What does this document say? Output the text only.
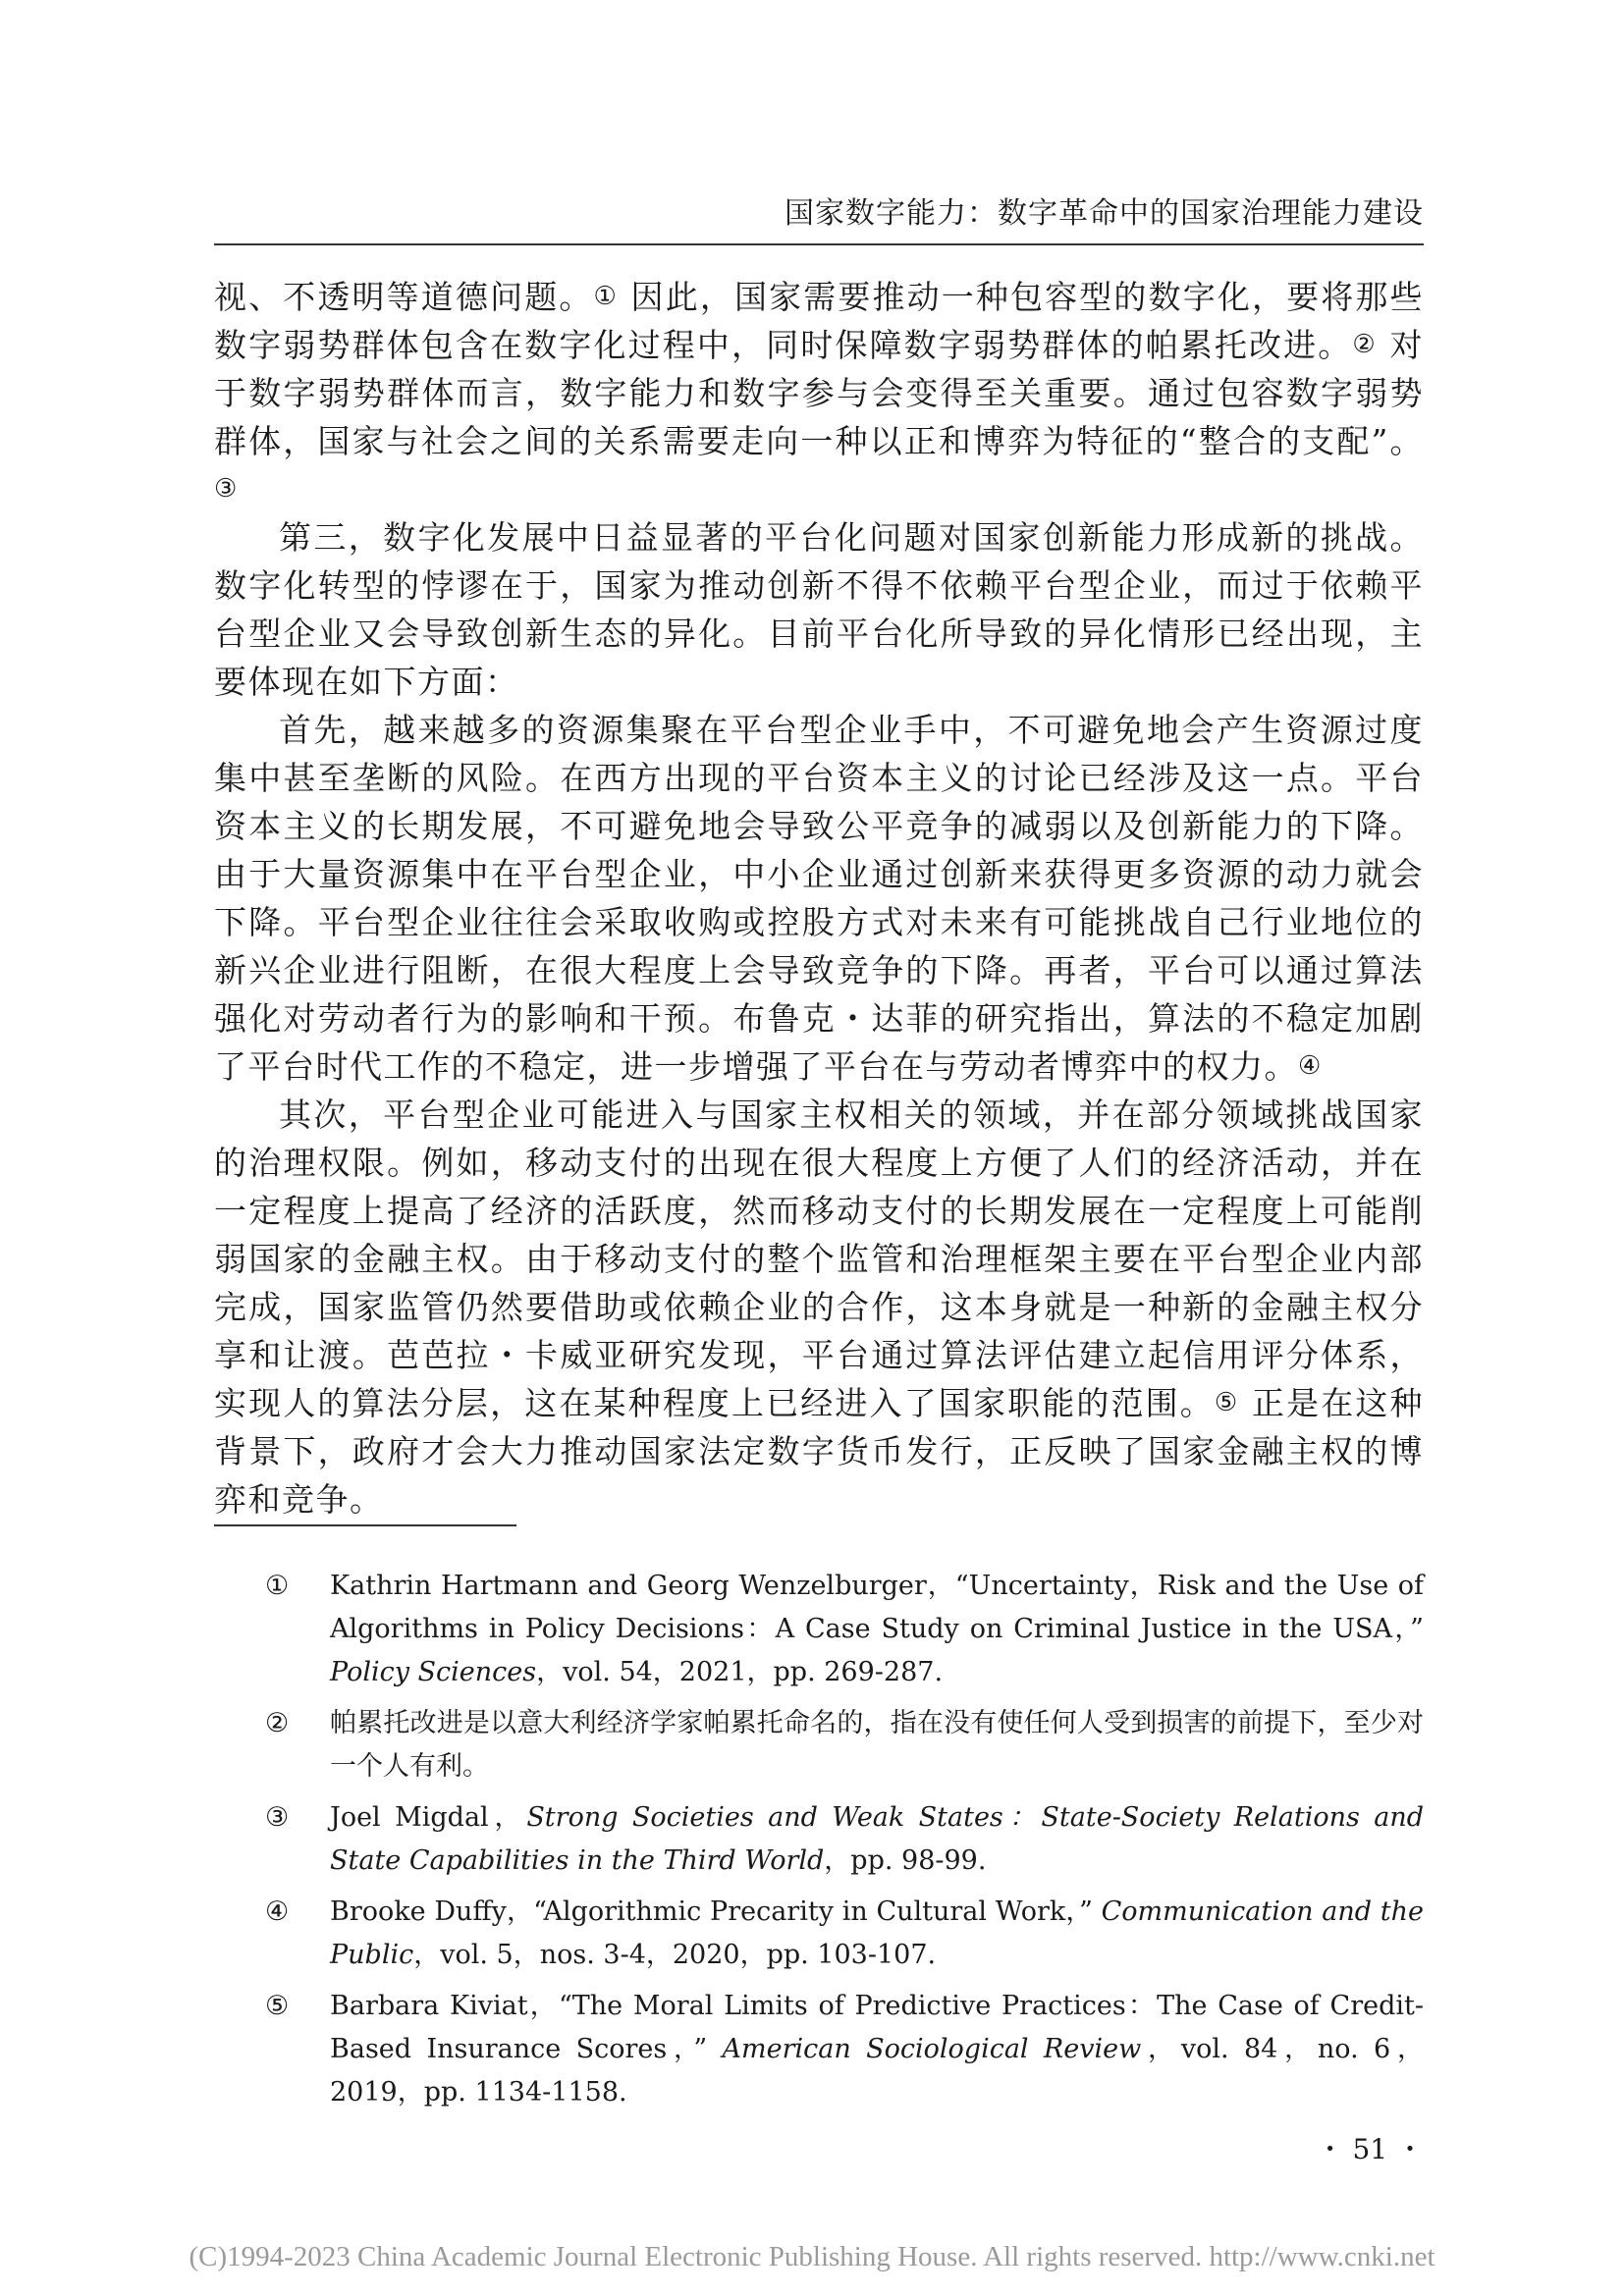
国家数字能力：数字革命中的国家治理能力建设

视、不透明等道德问题。① 因此，国家需要推动一种包容型的数字化，要将那些数字弱势群体包含在数字化过程中，同时保障数字弱势群体的帕累托改进。② 对于数字弱势群体而言，数字能力和数字参与会变得至关重要。通过包容数字弱势群体，国家与社会之间的关系需要走向一种以正和博弈为特征的“整合的支配”。③

第三，数字化发展中日益显著的平台化问题对国家创新能力形成新的挑战。数字化转型的悖谬在于，国家为推动创新不得不依赖平台型企业，而过于依赖平台型企业又会导致创新生态的异化。目前平台化所导致的异化情形已经出现，主要体现在如下方面：

首先，越来越多的资源集聚在平台型企业手中，不可避免地会产生资源过度集中甚至垄断的风险。在西方出现的平台资本主义的讨论已经涉及这一点。平台资本主义的长期发展，不可避免地会导致公平竞争的减弱以及创新能力的下降。由于大量资源集中在平台型企业，中小企业通过创新来获得更多资源的动力就会下降。平台型企业往往会采取收购或控股方式对未来有可能挑战自己行业地位的新兴企业进行阻断，在很大程度上会导致竞争的下降。再者，平台可以通过算法强化对劳动者行为的影响和干预。布鲁克・达菲的研究指出，算法的不稳定加剧了平台时代工作的不稳定，进一步增强了平台在与劳动者博弈中的权力。④

其次，平台型企业可能进入与国家主权相关的领域，并在部分领域挑战国家的治理权限。例如，移动支付的出现在很大程度上方便了人们的经济活动，并在一定程度上提高了经济的活跃度，然而移动支付的长期发展在一定程度上可能削弱国家的金融主权。由于移动支付的整个监管和治理框架主要在平台型企业内部完成，国家监管仍然要借助或依赖企业的合作，这本身就是一种新的金融主权分享和让渡。芭芭拉・卡威亚研究发现，平台通过算法评估建立起信用评分体系，实现人的算法分层，这在某种程度上已经进入了国家职能的范围。⑤ 正是在这种背景下，政府才会大力推动国家法定数字货币发行，正反映了国家金融主权的博弈和竞争。

① Kathrin Hartmann and Georg Wenzelburger，“Uncertainty，Risk and the Use of Algorithms in Policy Decisions：A Case Study on Criminal Justice in the USA，” Policy Sciences，vol. 54，2021，pp. 269-287.
② 帕累托改进是以意大利经济学家帕累托命名的，指在没有使任何人受到损害的前提下，至少对一个人有利。
③ Joel Migdal，Strong Societies and Weak States：State-Society Relations and State Capabilities in the Third World，pp. 98-99.
④ Brooke Duffy，“Algorithmic Precarity in Cultural Work，” Communication and the Public，vol. 5，nos. 3-4，2020，pp. 103-107.
⑤ Barbara Kiviat，“The Moral Limits of Predictive Practices：The Case of Credit-Based Insurance Scores，” American Sociological Review，vol. 84，no. 6，2019，pp. 1134-1158.
・ 51 ・
(C)1994-2023 China Academic Journal Electronic Publishing House. All rights reserved. http://www.cnki.net
